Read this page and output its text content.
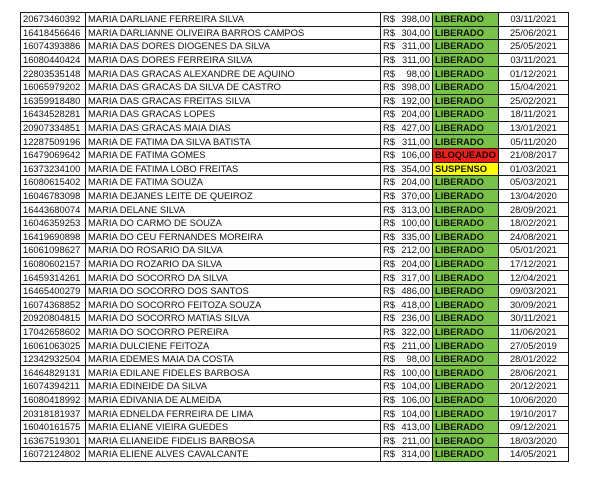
20673460392	MARIA DARLIANE FERREIRA SILVA	R$	398,00	LIBERADO	03/11/2021
16418456646	MARIA DARLIANNE OLIVEIRA BARROS CAMPOS	R$	304,00	LIBERADO	25/06/2021
16074393886	MARIA DAS DORES DIOGENES DA SILVA	R$	311,00	LIBERADO	25/05/2021
16080440424	MARIA DAS DORES FERREIRA SILVA	R$	311,00	LIBERADO	03/11/2021
22803535148	MARIA DAS GRACAS ALEXANDRE DE AQUINO	R$	98,00	LIBERADO	01/12/2021
16065979202	MARIA DAS GRACAS DA SILVA DE CASTRO	R$	398,00	LIBERADO	15/04/2021
16359918480	MARIA DAS GRACAS FREITAS SILVA	R$	192,00	LIBERADO	25/02/2021
16434528281	MARIA DAS GRACAS LOPES	R$	204,00	LIBERADO	18/11/2021
20907334851	MARIA DAS GRACAS MAIA DIAS	R$	427,00	LIBERADO	13/01/2021
12287509196	MARIA DE FATIMA DA SILVA BATISTA	R$	311,00	LIBERADO	05/11/2020
16479069642	MARIA DE FATIMA GOMES	R$	106,00	BLOQUEADO	21/08/2017
16373234100	MARIA DE FATIMA LOBO FREITAS	R$	354,00	SUSPENSO	01/03/2021
16080615402	MARIA DE FATIMA SOUZA	R$	204,00	LIBERADO	05/03/2021
16046783098	MARIA DEJANES LEITE DE QUEIROZ	R$	370,00	LIBERADO	13/04/2020
16443680074	MARIA DELANE SILVA	R$	313,00	LIBERADO	28/09/2021
16046359253	MARIA DO CARMO DE SOUZA	R$	100,00	LIBERADO	18/02/2021
16419690898	MARIA DO CEU FERNANDES MOREIRA	R$	335,00	LIBERADO	24/08/2021
16061098627	MARIA DO ROSARIO DA SILVA	R$	212,00	LIBERADO	05/01/2021
16080602157	MARIA DO ROZARIO DA SILVA	R$	204,00	LIBERADO	17/12/2021
16459314261	MARIA DO SOCORRO DA SILVA	R$	317,00	LIBERADO	12/04/2021
16465400279	MARIA DO SOCORRO DOS SANTOS	R$	486,00	LIBERADO	09/03/2021
16074368852	MARIA DO SOCORRO FEITOZA SOUZA	R$	418,00	LIBERADO	30/09/2021
20920804815	MARIA DO SOCORRO MATIAS SILVA	R$	236,00	LIBERADO	30/11/2021
17042658602	MARIA DO SOCORRO PEREIRA	R$	322,00	LIBERADO	11/06/2021
16061063025	MARIA DULCIENE FEITOZA	R$	211,00	LIBERADO	27/05/2019
12342932504	MARIA EDEMES MAIA DA COSTA	R$	98,00	LIBERADO	28/01/2022
16464829131	MARIA EDILANE FIDELES BARBOSA	R$	100,00	LIBERADO	28/06/2021
16074394211	MARIA EDINEIDE DA SILVA	R$	104,00	LIBERADO	20/12/2021
16080418992	MARIA EDIVANIA DE ALMEIDA	R$	106,00	LIBERADO	10/06/2020
20318181937	MARIA EDNELDA FERREIRA DE LIMA	R$	104,00	LIBERADO	19/10/2017
16040161575	MARIA ELIANE VIEIRA GUEDES	R$	413,00	LIBERADO	09/12/2021
16367519301	MARIA ELIANEIDE FIDELIS BARBOSA	R$	211,00	LIBERADO	18/03/2020
16072124802	MARIA ELIENE ALVES CAVALCANTE	R$	314,00	LIBERADO	14/05/2021
